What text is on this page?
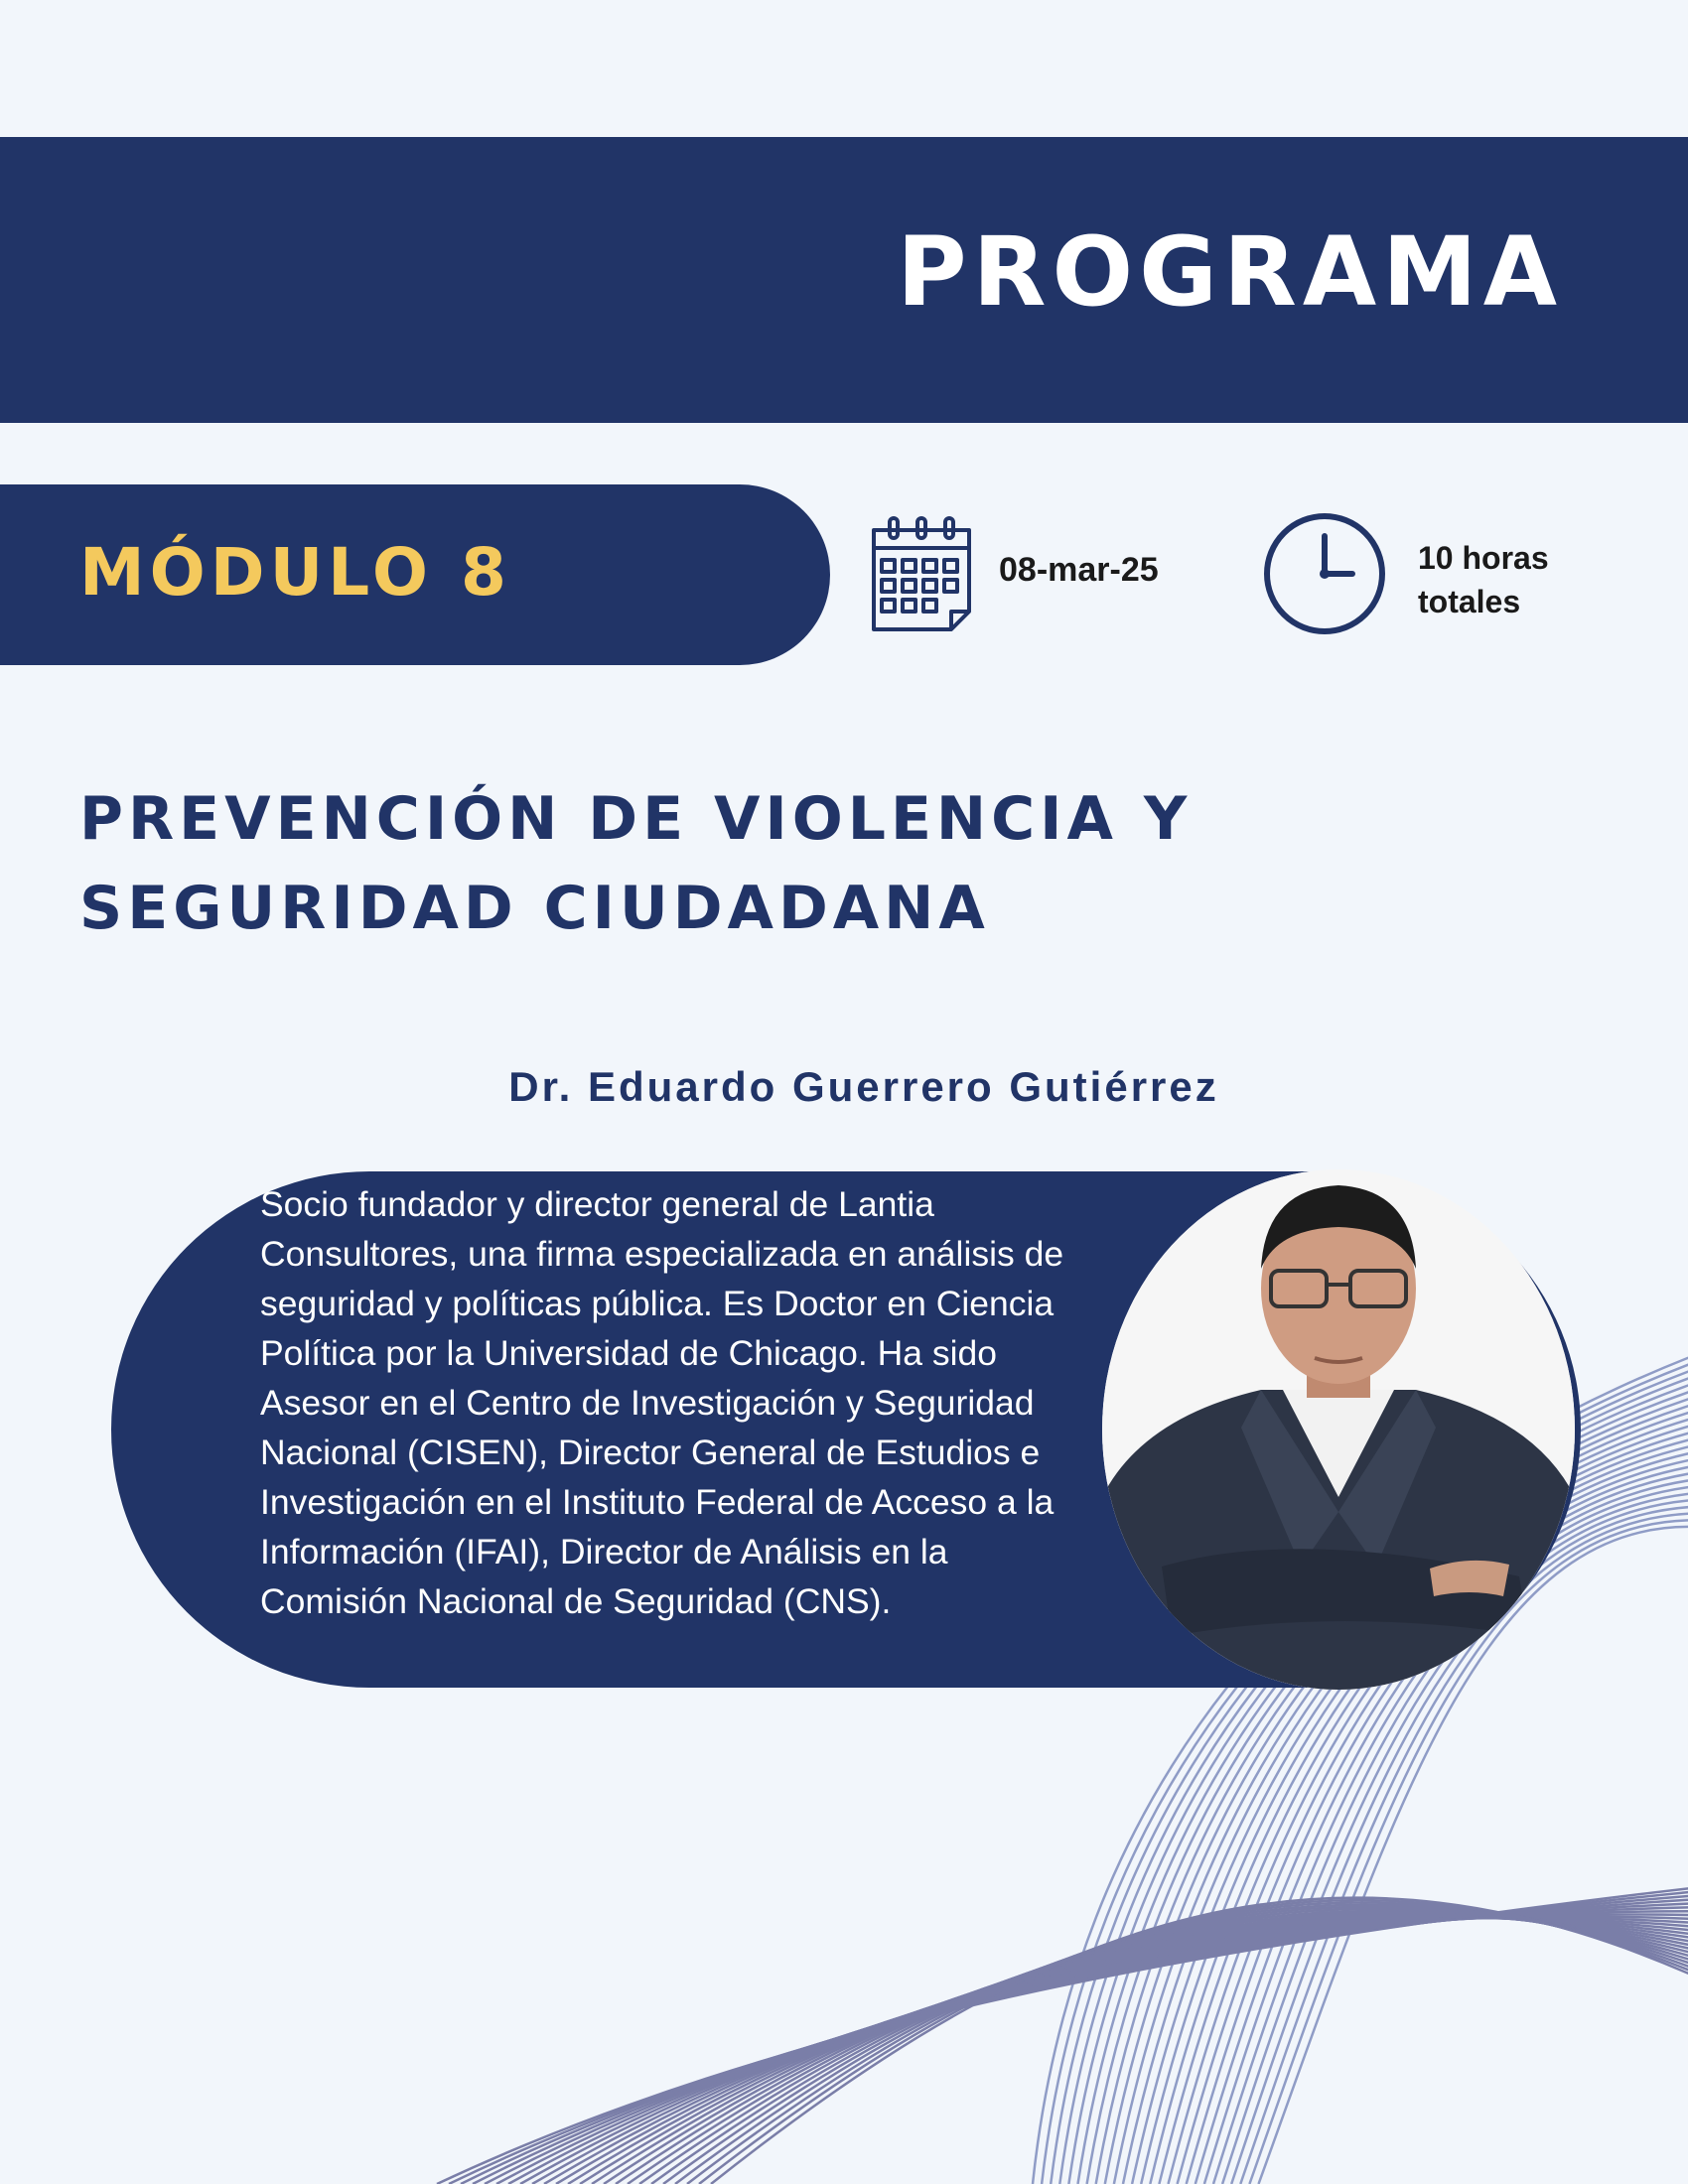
PROGRAMA
MÓDULO 8	08-mar-25	10 horas
totales
PREVENCIÓN DE VIOLENCIA Y SEGURIDAD CIUDADANA
Dr. Eduardo Guerrero Gutiérrez
Socio fundador y director general de Lantia Consultores, una firma especializada en análisis de seguridad y políticas pública. Es Doctor en Ciencia Política por la Universidad de Chicago. Ha sido Asesor en el Centro de Investigación y Seguridad Nacional (CISEN), Director General de Estudios e Investigación en el Instituto Federal de Acceso a la Información (IFAI), Director de Análisis en la Comisión Nacional de Seguridad (CNS).
